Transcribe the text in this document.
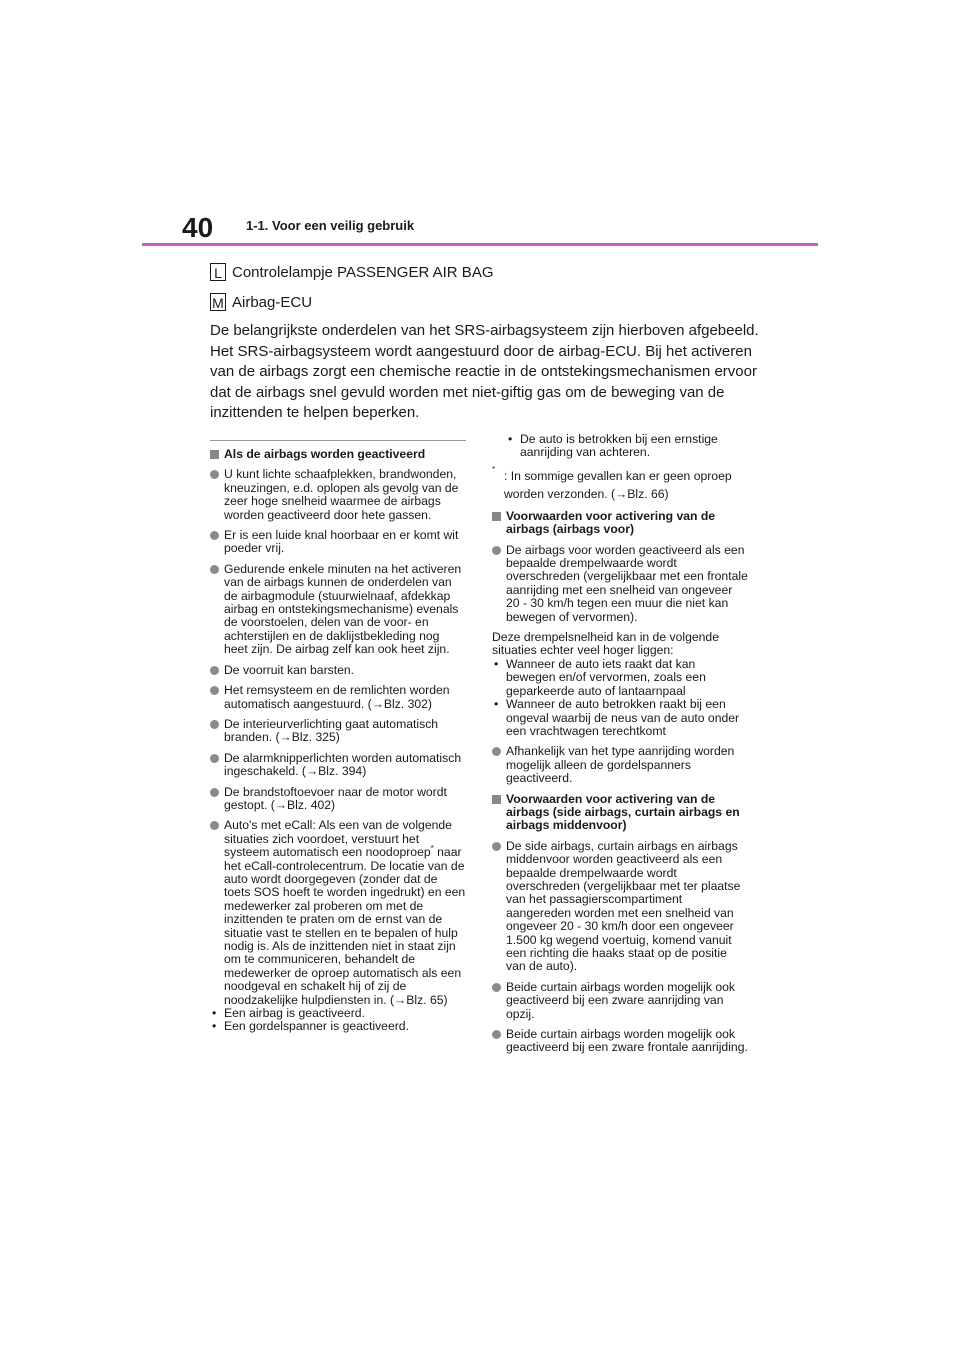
40	1-1. Voor een veilig gebruik
L Controlelampje PASSENGER AIR BAG
M Airbag-ECU

De belangrijkste onderdelen van het SRS-airbagsysteem zijn hierboven afgebeeld. Het SRS-airbagsysteem wordt aangestuurd door de airbag-ECU. Bij het activeren van de airbags zorgt een chemische reactie in de ontstekingsmechanismen ervoor dat de airbags snel gevuld worden met niet-giftig gas om de beweging van de inzittenden te helpen beperken.

Als de airbags worden geactiveerd
U kunt lichte schaafplekken, brandwonden, kneuzingen, e.d. oplopen als gevolg van de zeer hoge snelheid waarmee de airbags worden geactiveerd door hete gassen.
Er is een luide knal hoorbaar en er komt wit poeder vrij.
Gedurende enkele minuten na het activeren van de airbags kunnen de onderdelen van de airbagmodule (stuurwielnaaf, afdekkap airbag en ontstekingsmechanisme) evenals de voorstoelen, delen van de voor- en achterstijlen en de daklijstbekleding nog heet zijn. De airbag zelf kan ook heet zijn.
De voorruit kan barsten.
Het remsysteem en de remlichten worden automatisch aangestuurd. (→Blz. 302)
De interieurverlichting gaat automatisch branden. (→Blz. 325)
De alarmknipperlichten worden automatisch ingeschakeld. (→Blz. 394)
De brandstoftoevoer naar de motor wordt gestopt. (→Blz. 402)
Auto's met eCall: Als een van de volgende situaties zich voordoet, verstuurt het systeem automatisch een noodoproep* naar het eCall-controlecentrum. De locatie van de auto wordt doorgegeven (zonder dat de toets SOS hoeft te worden ingedrukt) en een medewerker zal proberen om met de inzittenden te praten om de ernst van de situatie vast te stellen en te bepalen of hulp nodig is. Als de inzittenden niet in staat zijn om te communiceren, behandelt de medewerker de oproep automatisch als een noodgeval en schakelt hij of zij de noodzakelijke hulpdiensten in. (→Blz. 65)
• Een airbag is geactiveerd.
• Een gordelspanner is geactiveerd.
• De auto is betrokken bij een ernstige aanrijding van achteren.
* : In sommige gevallen kan er geen oproep worden verzonden. (→Blz. 66)
Voorwaarden voor activering van de airbags (airbags voor)
De airbags voor worden geactiveerd als een bepaalde drempelwaarde wordt overschreden (vergelijkbaar met een frontale aanrijding met een snelheid van ongeveer 20 - 30 km/h tegen een muur die niet kan bewegen of vervormen).

Deze drempelsnelheid kan in de volgende situaties echter veel hoger liggen:

• Wanneer de auto iets raakt dat kan bewegen en/of vervormen, zoals een geparkeerde auto of lantaarnpaal
• Wanneer de auto betrokken raakt bij een ongeval waarbij de neus van de auto onder een vrachtwagen terechtkomt
Afhankelijk van het type aanrijding worden mogelijk alleen de gordelspanners geactiveerd.
Voorwaarden voor activering van de airbags (side airbags, curtain airbags en airbags middenvoor)
De side airbags, curtain airbags en airbags middenvoor worden geactiveerd als een bepaalde drempelwaarde wordt overschreden (vergelijkbaar met ter plaatse van het passagierscompartiment aangereden worden met een snelheid van ongeveer 20 - 30 km/h door een ongeveer 1.500 kg wegend voertuig, komend vanuit een richting die haaks staat op de positie van de auto).
Beide curtain airbags worden mogelijk ook geactiveerd bij een zware aanrijding van opzij.
Beide curtain airbags worden mogelijk ook geactiveerd bij een zware frontale aanrijding.
